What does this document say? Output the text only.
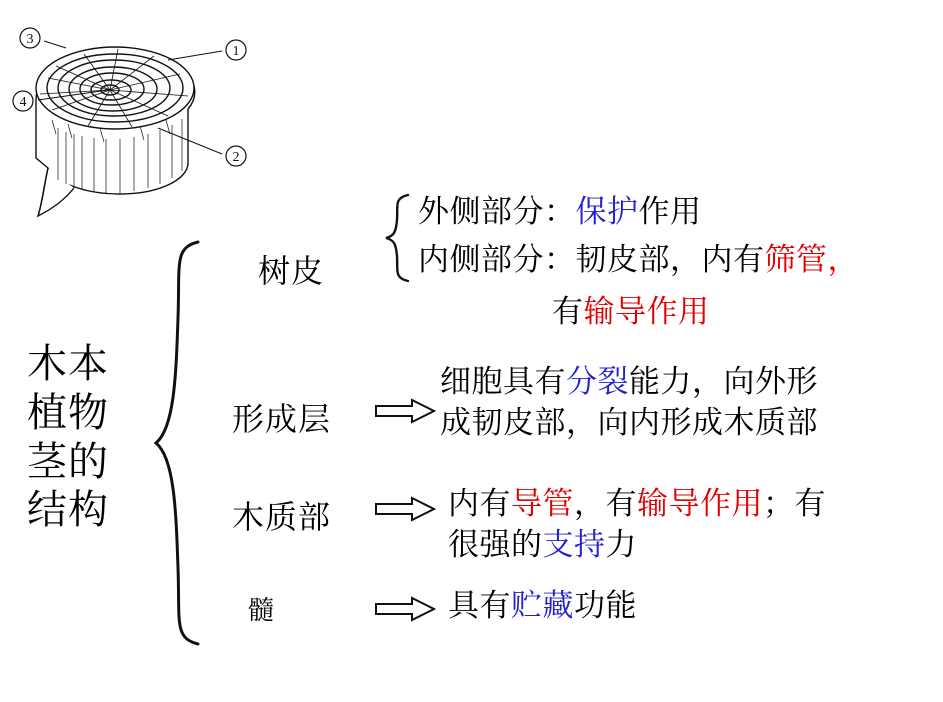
1
2
3
4
木本
植物
茎的
结构
树皮
形成层
木质部
髓
外侧部分：保护作用
内侧部分：韧皮部，内有筛管，
有输导作用
细胞具有分裂能力，向外形
成韧皮部，向内形成木质部
内有导管，有输导作用；有
很强的支持力
具有贮藏功能
